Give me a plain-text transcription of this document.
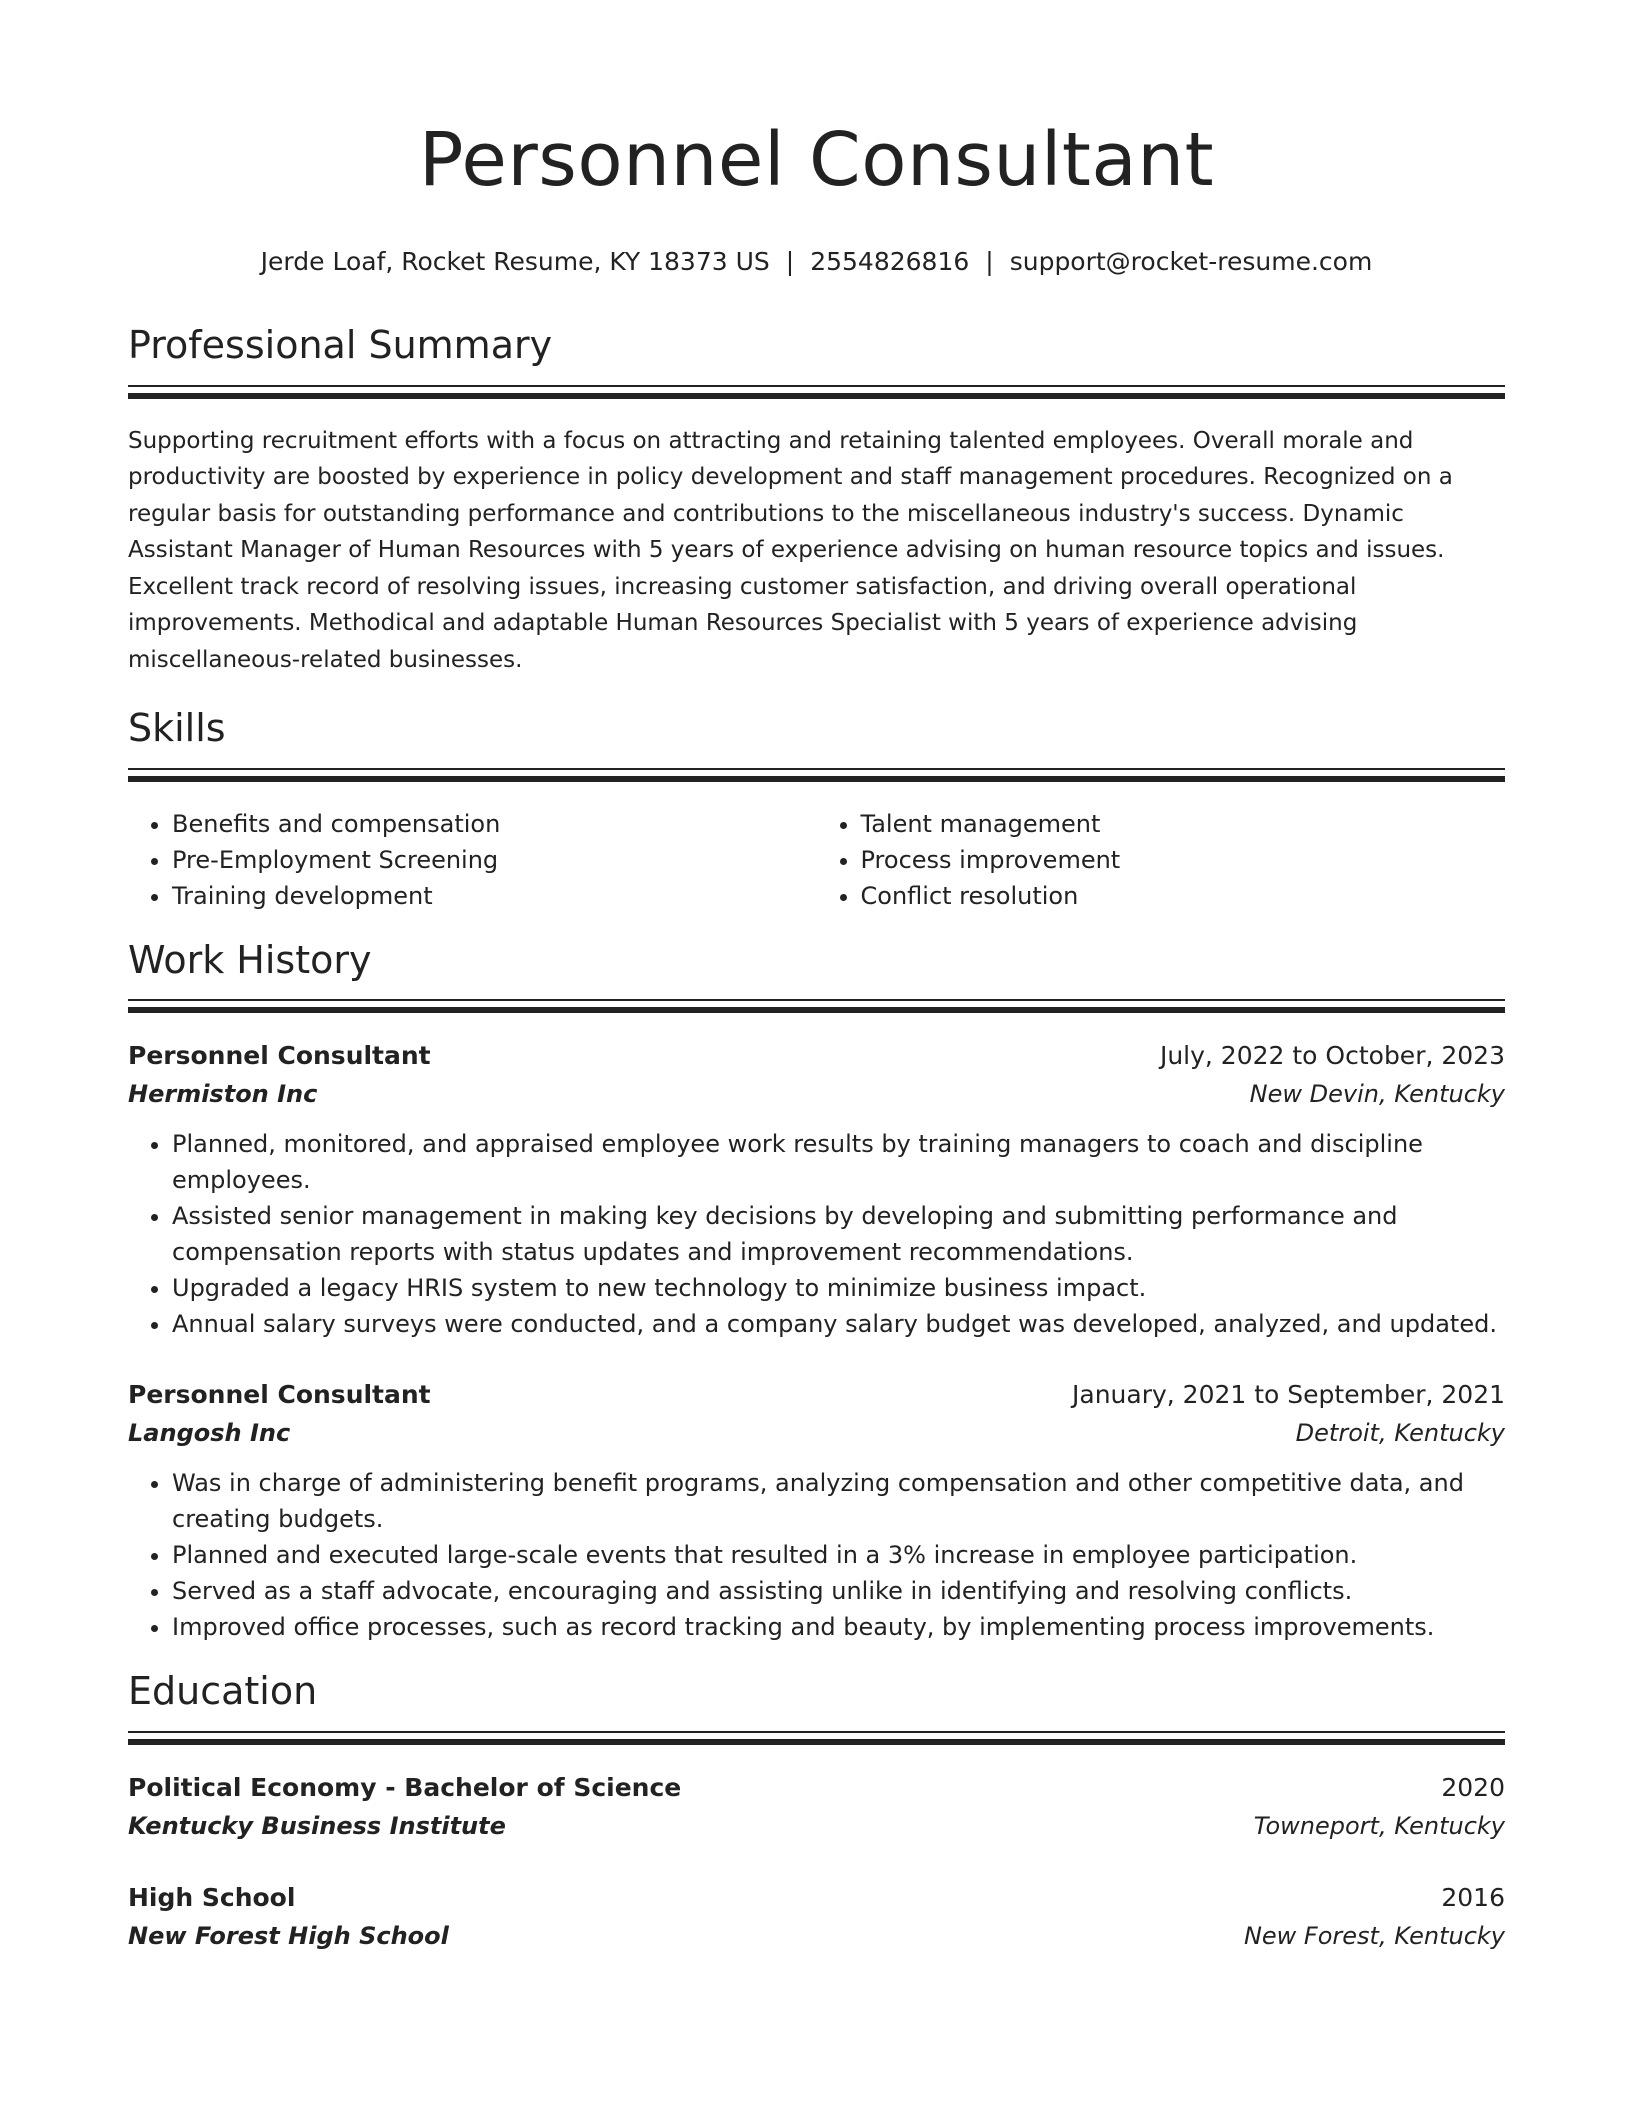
Personnel Consultant
Jerde Loaf, Rocket Resume, KY 18373 US | 2554826816 | support@rocket-resume.com
Professional Summary

Supporting recruitment efforts with a focus on attracting and retaining talented employees. Overall morale and productivity are boosted by experience in policy development and staff management procedures. Recognized on a regular basis for outstanding performance and contributions to the miscellaneous industry's success. Dynamic Assistant Manager of Human Resources with 5 years of experience advising on human resource topics and issues. Excellent track record of resolving issues, increasing customer satisfaction, and driving overall operational improvements. Methodical and adaptable Human Resources Specialist with 5 years of experience advising miscellaneous-related businesses.

Skills
• Benefits and compensation
• Pre-Employment Screening
• Training development
• Talent management
• Process improvement
• Conflict resolution
Work History
Personnel Consultant	July, 2022 to October, 2023
Hermiston Inc	New Devin, Kentucky
• Planned, monitored, and appraised employee work results by training managers to coach and discipline employees.
• Assisted senior management in making key decisions by developing and submitting performance and compensation reports with status updates and improvement recommendations.
• Upgraded a legacy HRIS system to new technology to minimize business impact.
• Annual salary surveys were conducted, and a company salary budget was developed, analyzed, and updated.
Personnel Consultant	January, 2021 to September, 2021
Langosh Inc	Detroit, Kentucky
• Was in charge of administering benefit programs, analyzing compensation and other competitive data, and creating budgets.
• Planned and executed large-scale events that resulted in a 3% increase in employee participation.
• Served as a staff advocate, encouraging and assisting unlike in identifying and resolving conflicts.
• Improved office processes, such as record tracking and beauty, by implementing process improvements.
Education
Political Economy - Bachelor of Science	2020
Kentucky Business Institute	Towneport, Kentucky
High School	2016
New Forest High School	New Forest, Kentucky
